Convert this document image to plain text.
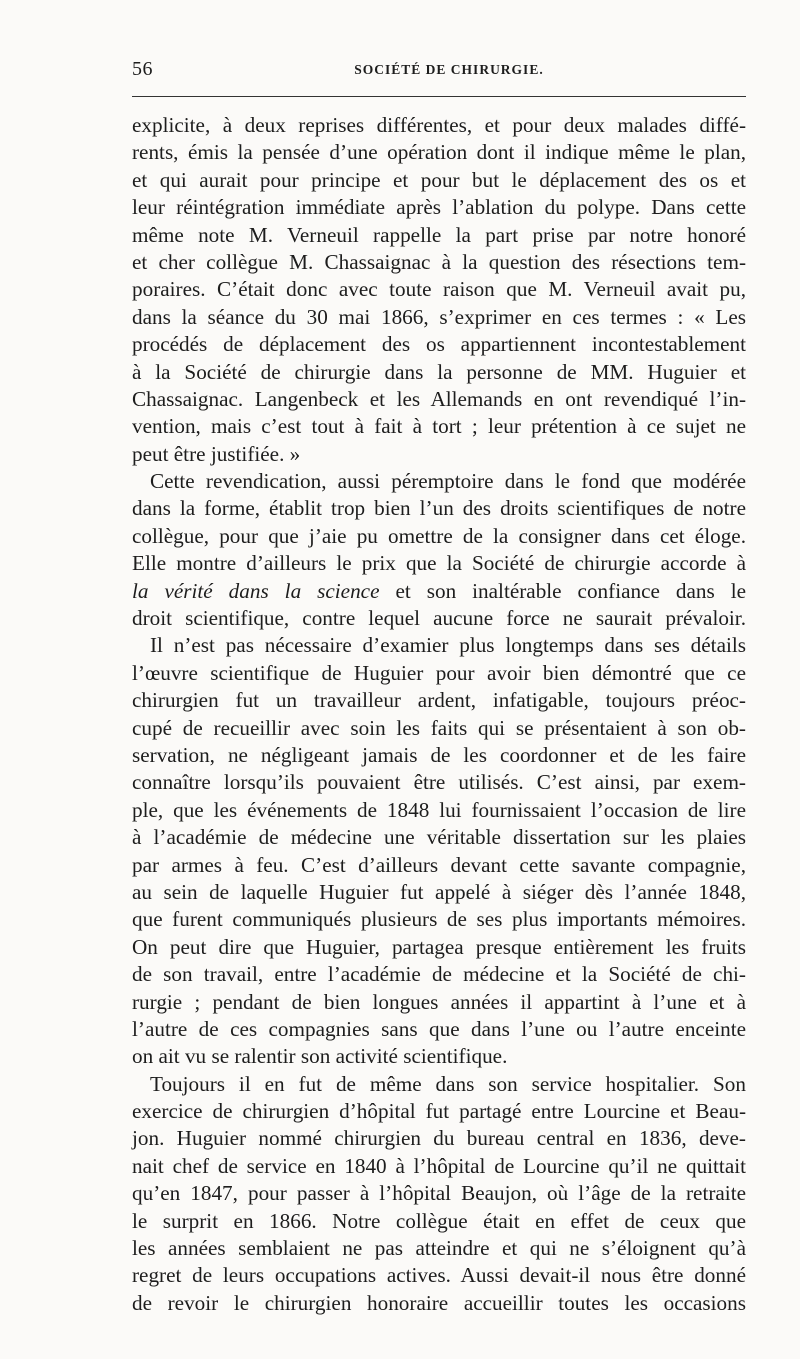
56	SOCIÉTÉ DE CHIRURGIE.
explicite, à deux reprises différentes, et pour deux malades diffé-
rents, émis la pensée d’une opération dont il indique même le plan,
et qui aurait pour principe et pour but le déplacement des os et
leur réintégration immédiate après l’ablation du polype. Dans cette
même note M. Verneuil rappelle la part prise par notre honoré
et cher collègue M. Chassaignac à la question des résections tem-
poraires. C’était donc avec toute raison que M. Verneuil avait pu,
dans la séance du 30 mai 1866, s’exprimer en ces termes : « Les
procédés de déplacement des os appartiennent incontestablement
à la Société de chirurgie dans la personne de MM. Huguier et
Chassaignac. Langenbeck et les Allemands en ont revendiqué l’in-
vention, mais c’est tout à fait à tort ; leur prétention à ce sujet ne
peut être justifiée. »
Cette revendication, aussi péremptoire dans le fond que modérée
dans la forme, établit trop bien l’un des droits scientifiques de notre
collègue, pour que j’aie pu omettre de la consigner dans cet éloge.
Elle montre d’ailleurs le prix que la Société de chirurgie accorde à
la vérité dans la science et son inaltérable confiance dans le
droit scientifique, contre lequel aucune force ne saurait prévaloir.
Il n’est pas nécessaire d’examier plus longtemps dans ses détails
l’œuvre scientifique de Huguier pour avoir bien démontré que ce
chirurgien fut un travailleur ardent, infatigable, toujours préoc-
cupé de recueillir avec soin les faits qui se présentaient à son ob-
servation, ne négligeant jamais de les coordonner et de les faire
connaître lorsqu’ils pouvaient être utilisés. C’est ainsi, par exem-
ple, que les événements de 1848 lui fournissaient l’occasion de lire
à l’académie de médecine une véritable dissertation sur les plaies
par armes à feu. C’est d’ailleurs devant cette savante compagnie,
au sein de laquelle Huguier fut appelé à siéger dès l’année 1848,
que furent communiqués plusieurs de ses plus importants mémoires.
On peut dire que Huguier, partagea presque entièrement les fruits
de son travail, entre l’académie de médecine et la Société de chi-
rurgie ; pendant de bien longues années il appartint à l’une et à
l’autre de ces compagnies sans que dans l’une ou l’autre enceinte
on ait vu se ralentir son activité scientifique.
Toujours il en fut de même dans son service hospitalier. Son
exercice de chirurgien d’hôpital fut partagé entre Lourcine et Beau-
jon. Huguier nommé chirurgien du bureau central en 1836, deve-
nait chef de service en 1840 à l’hôpital de Lourcine qu’il ne quittait
qu’en 1847, pour passer à l’hôpital Beaujon, où l’âge de la retraite
le surprit en 1866. Notre collègue était en effet de ceux que
les années semblaient ne pas atteindre et qui ne s’éloignent qu’à
regret de leurs occupations actives. Aussi devait-il nous être donné
de revoir le chirurgien honoraire accueillir toutes les occasions
